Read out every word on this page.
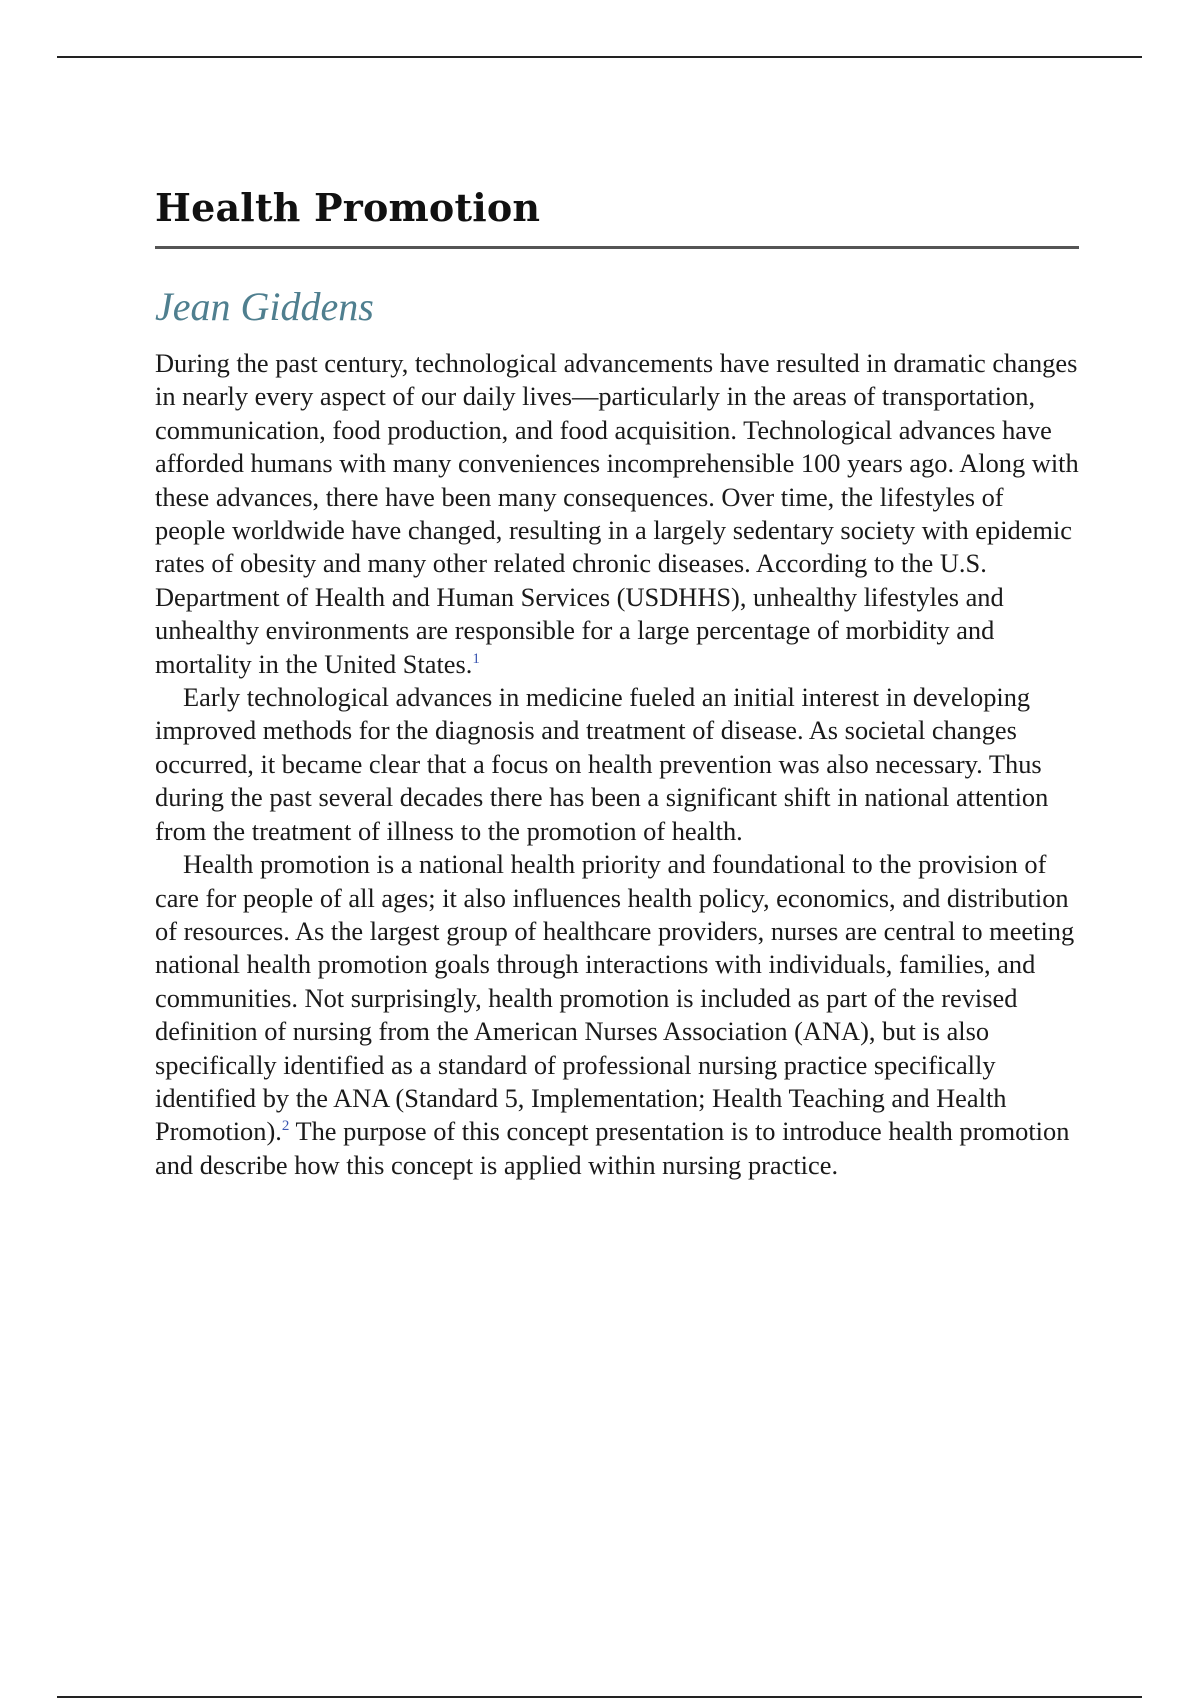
Health Promotion
Jean Giddens

During the past century, technological advancements have resulted in dramatic changes in nearly every aspect of our daily lives—particularly in the areas of transportation, communication, food production, and food acquisition. Technological advances have afforded humans with many conveniences incomprehensible 100 years ago. Along with these advances, there have been many consequences. Over time, the lifestyles of people worldwide have changed, resulting in a largely sedentary society with epidemic rates of obesity and many other related chronic diseases. According to the U.S. Department of Health and Human Services (USDHHS), unhealthy lifestyles and unhealthy environments are responsible for a large percentage of morbidity and mortality in the United States.$^1$

Early technological advances in medicine fueled an initial interest in developing improved methods for the diagnosis and treatment of disease. As societal changes occurred, it became clear that a focus on health prevention was also necessary. Thus during the past several decades there has been a significant shift in national attention from the treatment of illness to the promotion of health.

Health promotion is a national health priority and foundational to the provision of care for people of all ages; it also influences health policy, economics, and distribution of resources. As the largest group of healthcare providers, nurses are central to meeting national health promotion goals through interactions with individuals, families, and communities. Not surprisingly, health promotion is included as part of the revised definition of nursing from the American Nurses Association (ANA), but is also specifically identified as a standard of professional nursing practice specifically identified by the ANA (Standard 5, Implementation; Health Teaching and Health Promotion).$^2$ The purpose of this concept presentation is to introduce health promotion and describe how this concept is applied within nursing practice.
